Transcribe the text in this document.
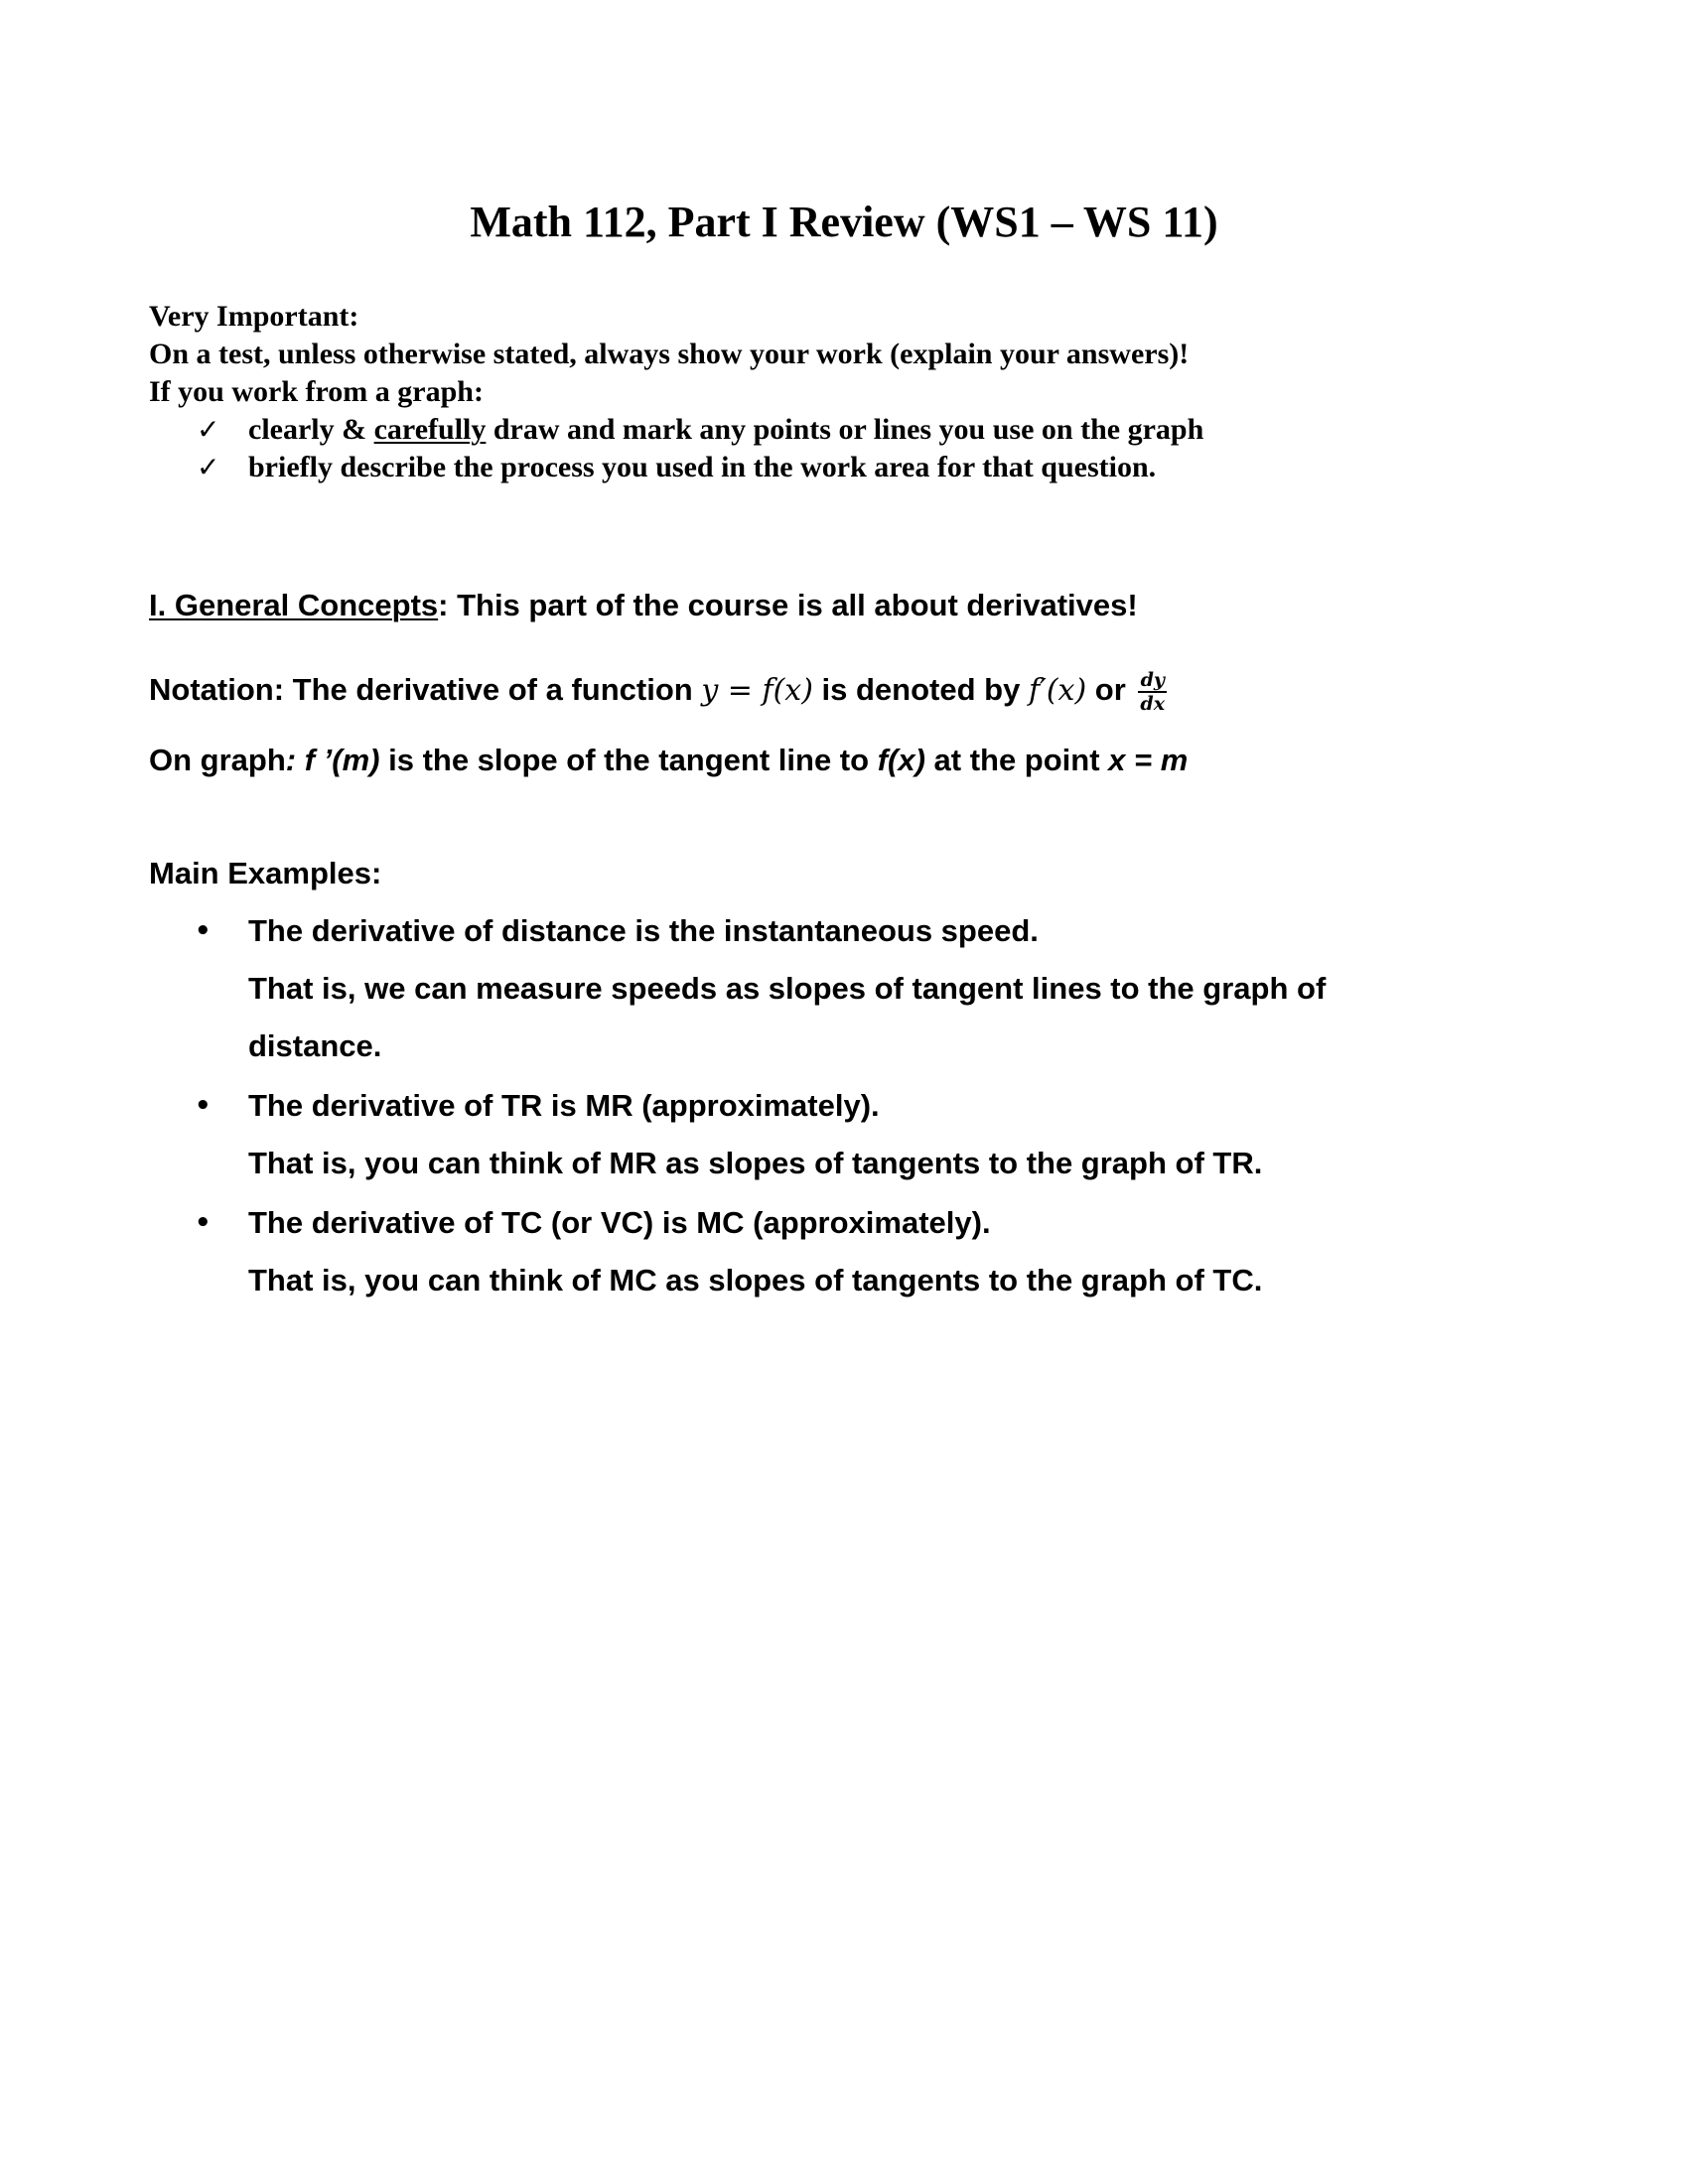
Math 112, Part I Review (WS1 – WS 11)
Very Important:
On a test, unless otherwise stated, always show your work (explain your answers)!
If you work from a graph:
✓ clearly & carefully draw and mark any points or lines you use on the graph
✓ briefly describe the process you used in the work area for that question.
I. General Concepts: This part of the course is all about derivatives!
Notation: The derivative of a function y = f(x) is denoted by f′(x) or $\frac{dy}{dx}$
On graph: f ’(m) is the slope of the tangent line to f(x) at the point x = m
Main Examples:
• The derivative of distance is the instantaneous speed.
That is, we can measure speeds as slopes of tangent lines to the graph of
distance.
• The derivative of TR is MR (approximately).
That is, you can think of MR as slopes of tangents to the graph of TR.
• The derivative of TC (or VC) is MC (approximately).
That is, you can think of MC as slopes of tangents to the graph of TC.
